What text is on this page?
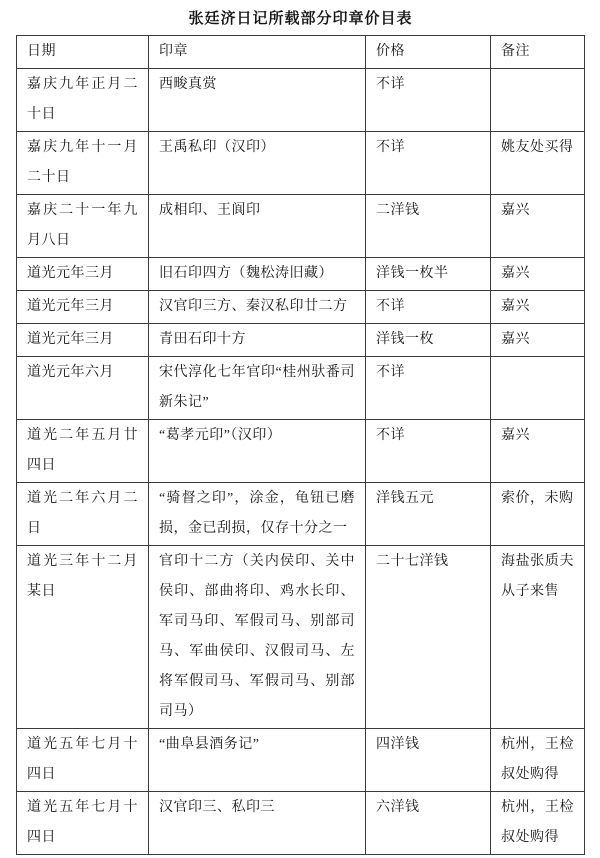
张廷济日记所载部分印章价目表
日期	印章	价格	备注
嘉庆九年正月二十日	西畯真赏	不详	
嘉庆九年十一月二十日	王禹私印（汉印）	不详	姚友处买得
嘉庆二十一年九月八日	成相印、王阆印	二洋钱	嘉兴
道光元年三月	旧石印四方（魏松涛旧藏）	洋钱一枚半	嘉兴
道光元年三月	汉官印三方、秦汉私印廿二方	不详	嘉兴
道光元年三月	青田石印十方	洋钱一枚	嘉兴
道光元年六月	宋代淳化七年官印“桂州驮番司新朱记”	不详	
道光二年五月廿四日	“葛孝元印”（汉印）	不详	嘉兴
道光二年六月二日	“骑督之印”，涂金，龟钮已磨损，金已刮损，仅存十分之一	洋钱五元	索价，未购
道光三年十二月某日	官印十二方（关内侯印、关中侯印、部曲将印、鸡水长印、军司马印、军假司马、别部司马、军曲侯印、汉假司马、左将军假司马、军假司马、别部司马）	二十七洋钱	海盐张质夫从子来售
道光五年七月十四日	“曲阜县酒务记”	四洋钱	杭州，王检叔处购得
道光五年七月十四日	汉官印三、私印三	六洋钱	杭州，王检叔处购得
